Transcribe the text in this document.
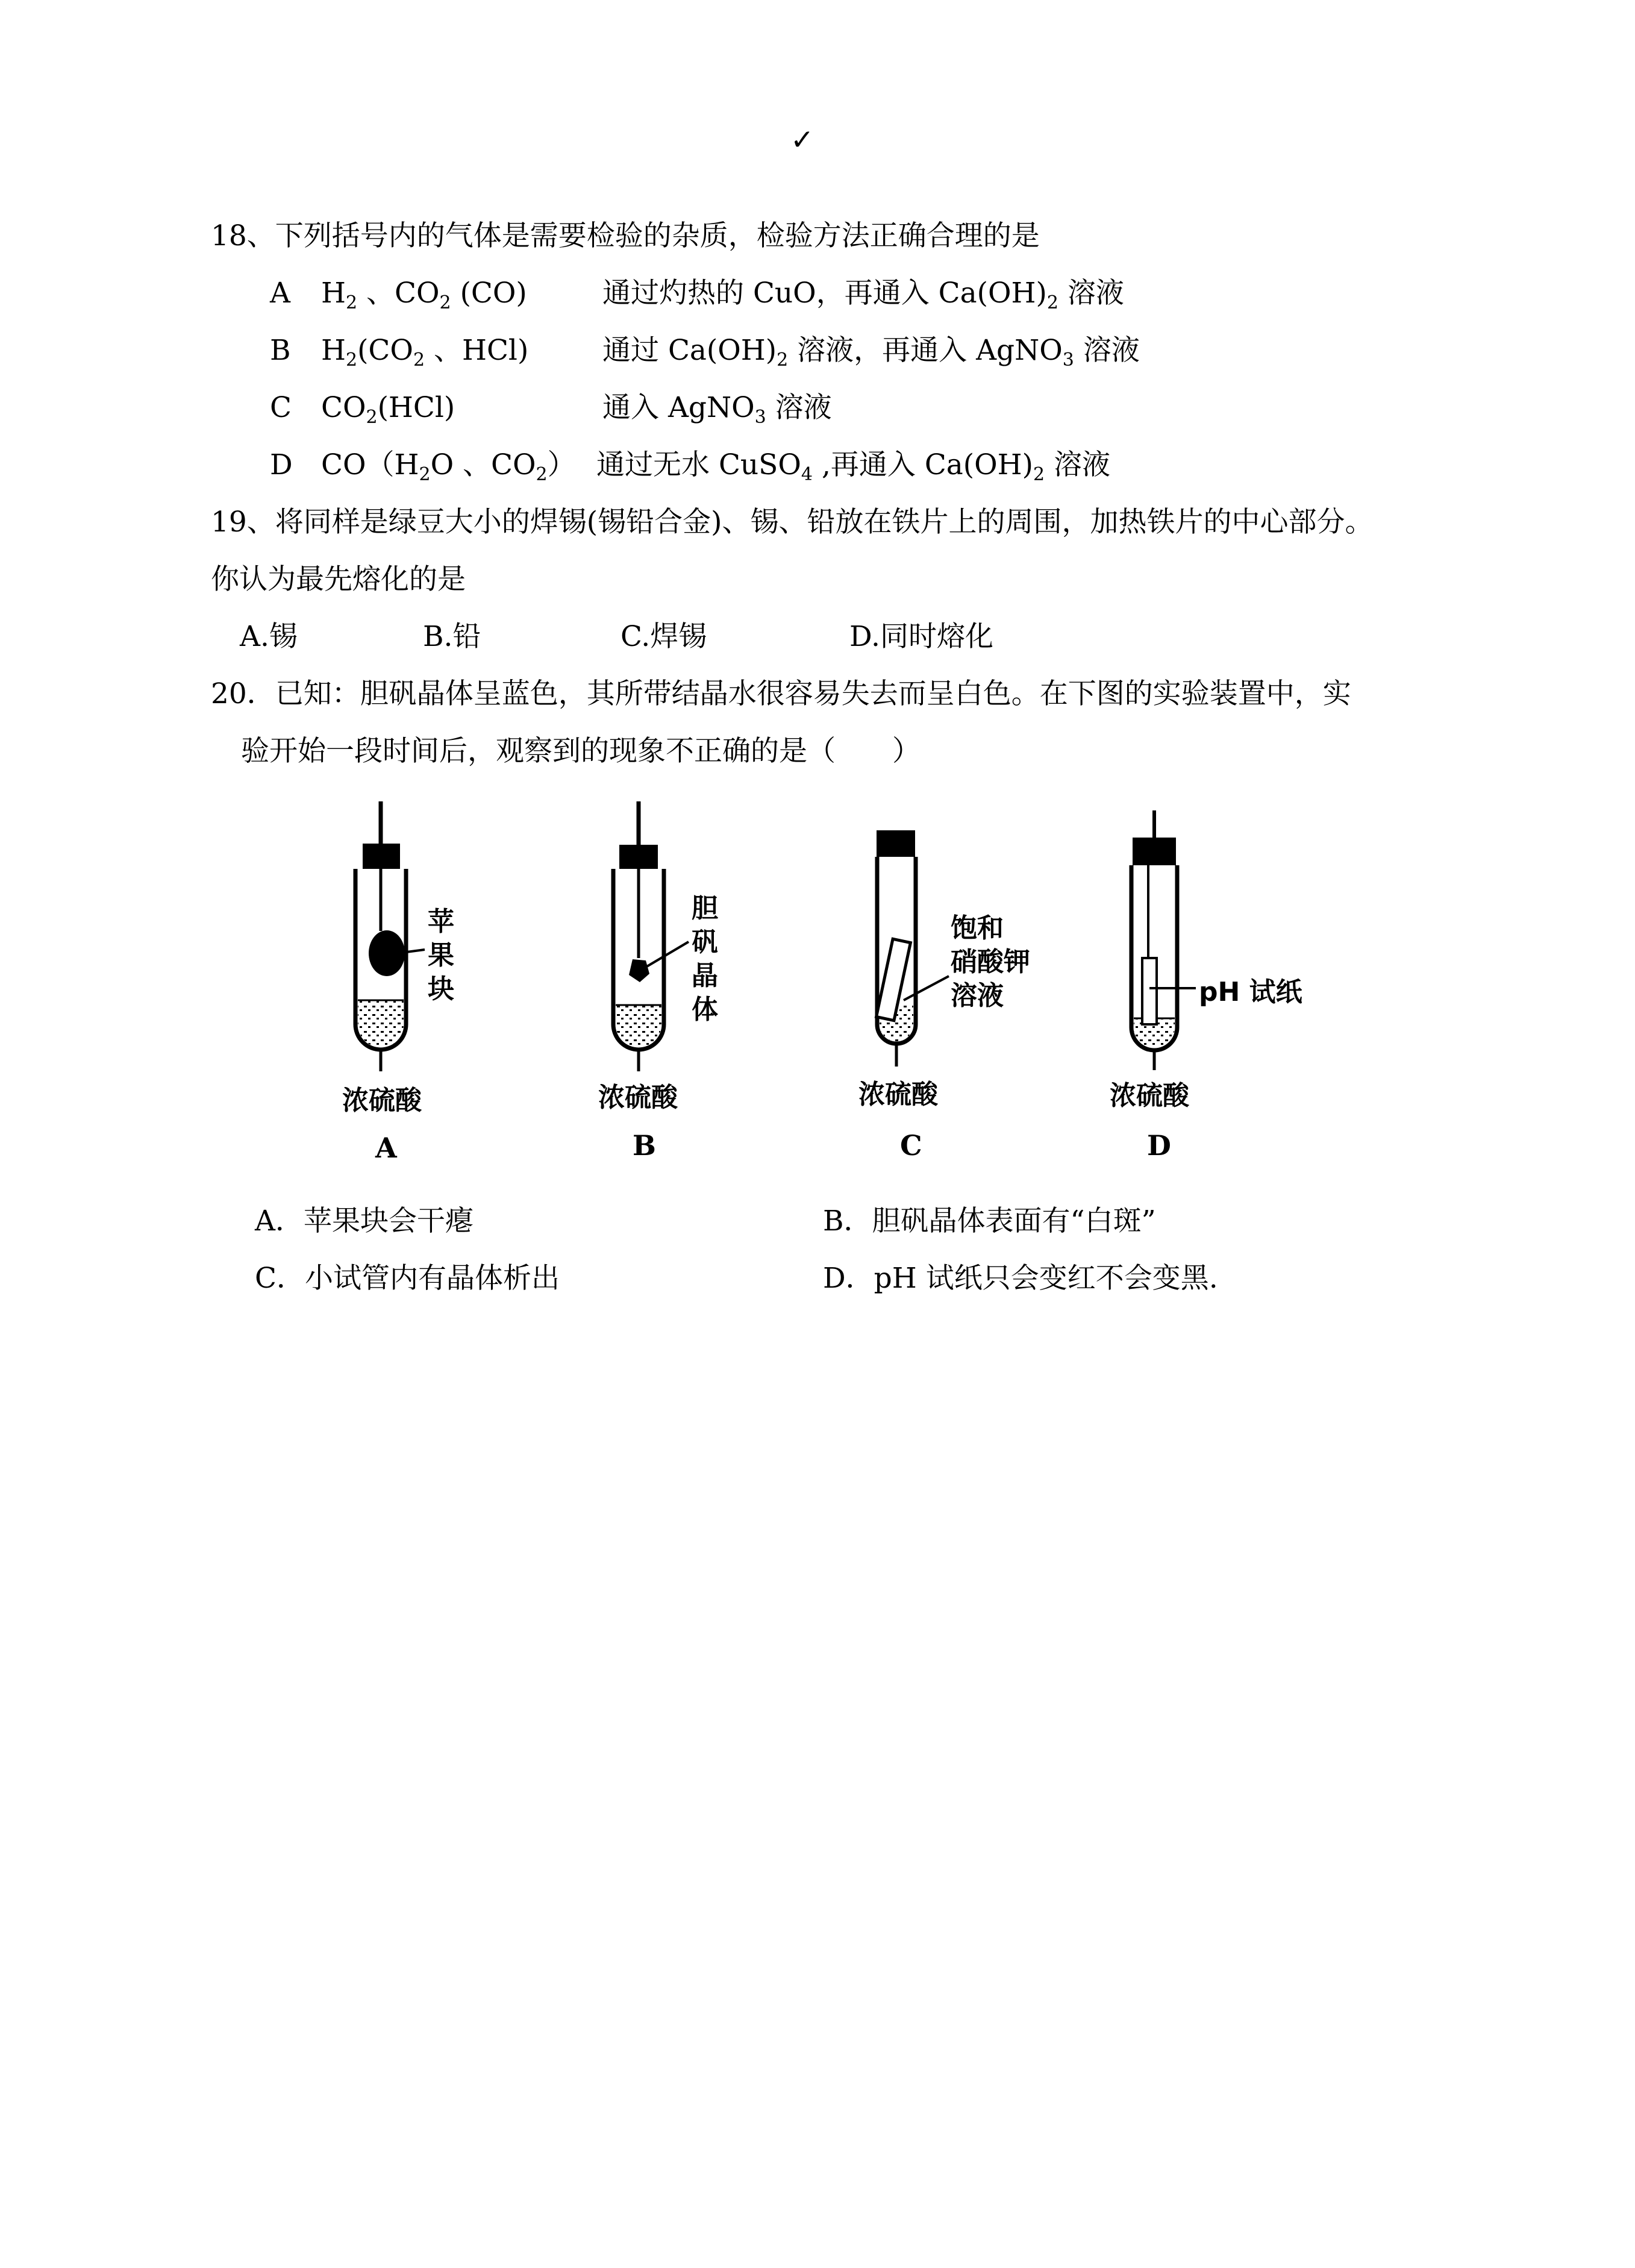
✓
18、下列括号内的气体是需要检验的杂质，检验方法正确合理的是
A $H_2$ 、$CO_2$ (CO)	通过灼热的 CuO，再通入 $Ca(OH)_2$ 溶液
B $H_2(CO_2$ 、HCl)	通过 $Ca(OH)_2$ 溶液，再通入 AgNO$_3$ 溶液
C $CO_2(HCl)$	通入 AgNO$_3$ 溶液
D $CO(H_2O$ 、$CO_2$） 通过无水 CuSO$_4$ ,再通入 $Ca(OH)_2$ 溶液
19、将同样是绿豆大小的焊锡(锡铅合金)、锡、铅放在铁片上的周围，加热铁片的中心部分。
你认为最先熔化的是
A.锡	B.铅	C.焊锡	D.同时熔化
20．已知：胆矾晶体呈蓝色，其所带结晶水很容易失去而呈白色。在下图的实验装置中，实
验开始一段时间后，观察到的现象不正确的是（　　）
苹
果
块
胆
矾
晶
体
饱和
硝酸钾
溶液	pH 试纸
浓硫酸	浓硫酸	浓硫酸	浓硫酸
A	B	C	D
A．苹果块会干瘪	B．胆矾晶体表面有“白斑”
C．小试管内有晶体析出	D．pH 试纸只会变红不会变黑.
